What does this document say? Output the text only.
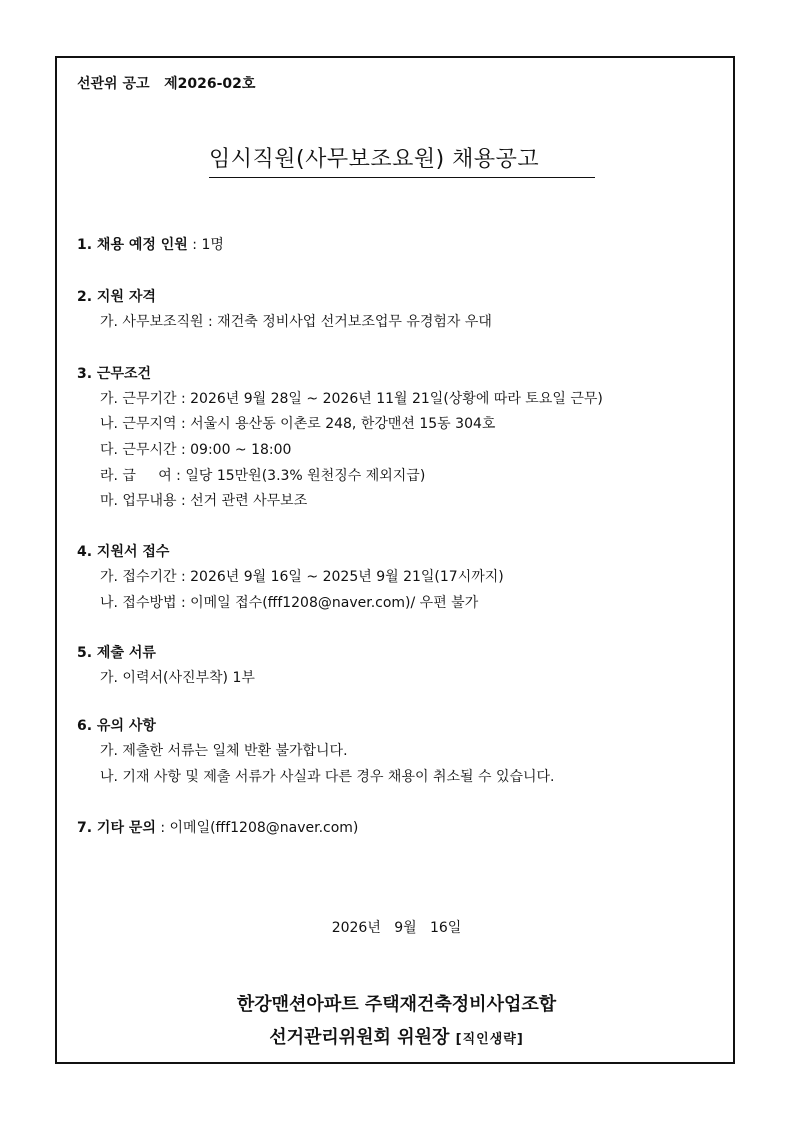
선관위 공고   제2026-02호
임시직원(사무보조요원) 채용공고
1. 채용 예정 인원 : 1명
2. 지원 자격
가. 사무보조직원 : 재건축 정비사업 선거보조업무 유경험자 우대
3. 근무조건
가. 근무기간 : 2026년 9월 28일 ~ 2026년 11월 21일(상황에 따라 토요일 근무)
나. 근무지역 : 서울시 용산동 이촌로 248, 한강맨션 15동 304호
다. 근무시간 : 09:00 ~ 18:00
라. 급     여 : 일당 15만원(3.3% 원천징수 제외지급)
마. 업무내용 : 선거 관련 사무보조
4. 지원서 접수
가. 접수기간 : 2026년 9월 16일 ~ 2025년 9월 21일(17시까지)
나. 접수방법 : 이메일 접수(fff1208@naver.com)/ 우편 불가
5. 제출 서류
가. 이력서(사진부착) 1부
6. 유의 사항
가. 제출한 서류는 일체 반환 불가합니다.
나. 기재 사항 및 제출 서류가 사실과 다른 경우 채용이 취소될 수 있습니다.
7. 기타 문의 : 이메일(fff1208@naver.com)
2026년   9월   16일
한강맨션아파트 주택재건축정비사업조합
선거관리위원회 위원장 [직인생략]
